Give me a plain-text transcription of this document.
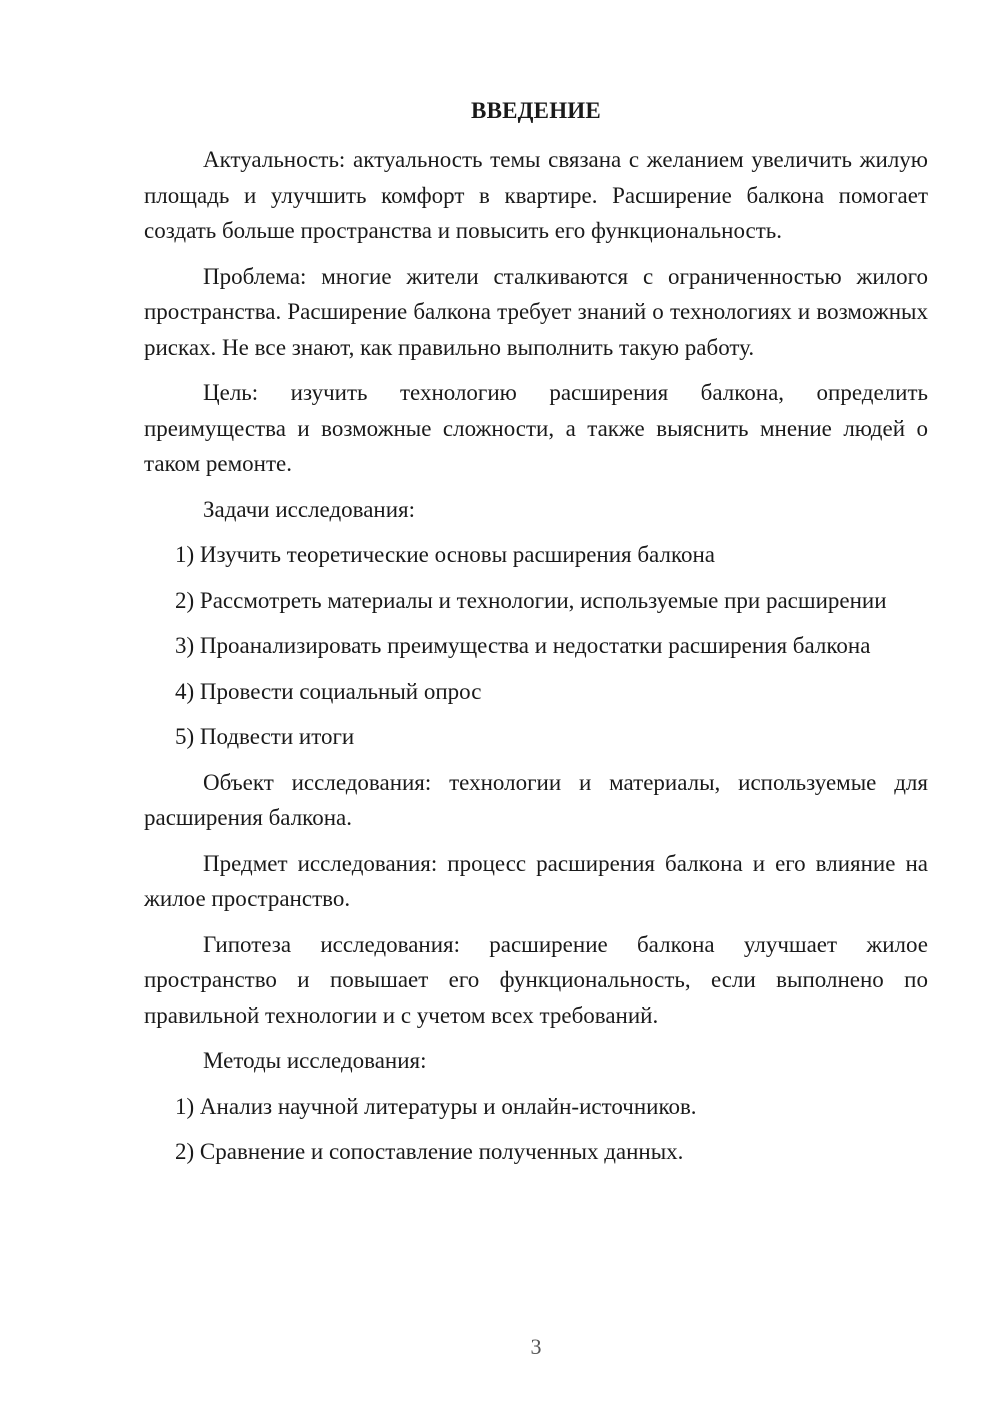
ВВЕДЕНИЕ

Актуальность: актуальность темы связана с желанием увеличить жилую площадь и улучшить комфорт в квартире. Расширение балкона помогает создать больше пространства и повысить его функциональность.

Проблема: многие жители сталкиваются с ограниченностью жилого пространства. Расширение балкона требует знаний о технологиях и возможных рисках. Не все знают, как правильно выполнить такую работу.

Цель: изучить технологию расширения балкона, определить преимущества и возможные сложности, а также выяснить мнение людей о таком ремонте.

Задачи исследования:

1) Изучить теоретические основы расширения балкона

2) Рассмотреть материалы и технологии, используемые при расширении

3) Проанализировать преимущества и недостатки расширения балкона

4) Провести социальный опрос

5) Подвести итоги

Объект исследования: технологии и материалы, используемые для расширения балкона.

Предмет исследования: процесс расширения балкона и его влияние на жилое пространство.

Гипотеза исследования: расширение балкона улучшает жилое пространство и повышает его функциональность, если выполнено по правильной технологии и с учетом всех требований.

Методы исследования:

1) Анализ научной литературы и онлайн-источников.

2) Сравнение и сопоставление полученных данных.

3
